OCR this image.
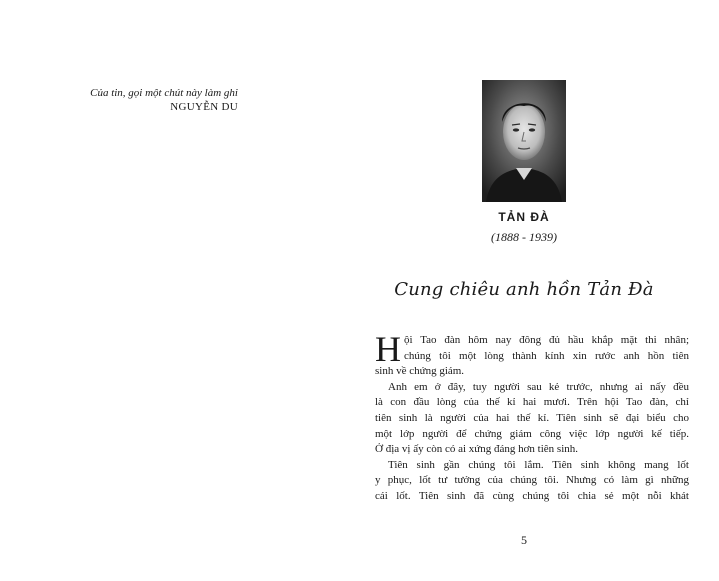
Của tin, gọi một chút này làm ghi
NGUYỄN DU
TẢN ĐÀ
(1888 - 1939)
Cung chiêu anh hồn Tản Đà
H ội Tao đàn hôm nay đông đủ hầu khắp mặt thi nhân;
chúng tôi một lòng thành kính xin rước anh hồn tiên
sinh về chứng giám.
Anh em ở đây, tuy người sau kẻ trước, nhưng ai nấy đều
là con đầu lòng của thế kỉ hai mươi. Trên hội Tao đàn, chỉ
tiên sinh là người của hai thế kỉ. Tiên sinh sẽ đại biểu cho
một lớp người để chứng giám công việc lớp người kế tiếp.
Ở địa vị ấy còn có ai xứng đáng hơn tiên sinh.
Tiên sinh gần chúng tôi lắm. Tiên sinh không mang lốt
y phục, lốt tư tưởng của chúng tôi. Nhưng có làm gì những
cái lốt. Tiên sinh đã cùng chúng tôi chia sẻ một nỗi khát
5
